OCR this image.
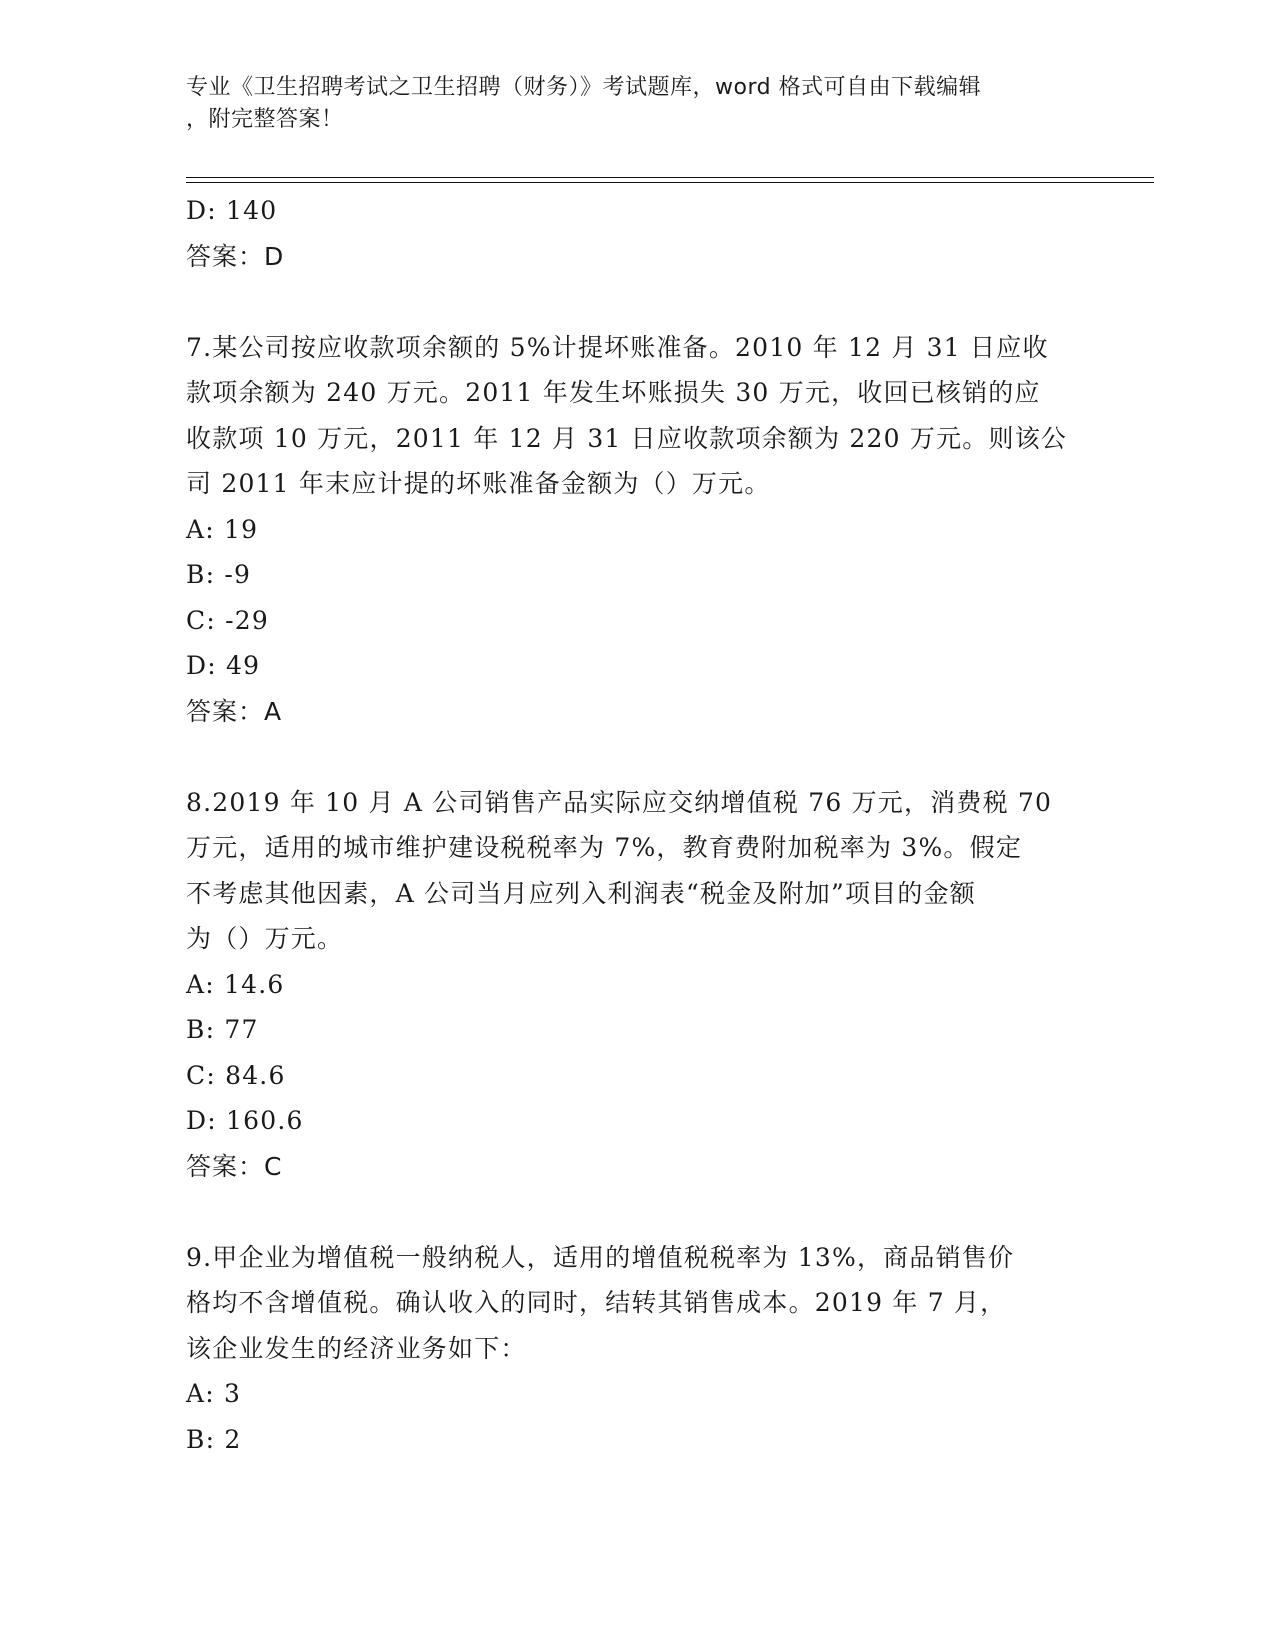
专业《卫生招聘考试之卫生招聘（财务）》考试题库，word 格式可自由下载编辑
，附完整答案！
D: 140
答案：D
7.某公司按应收款项余额的 5%计提坏账准备。2010 年 12 月 31 日应收
款项余额为 240 万元。2011 年发生坏账损失 30 万元，收回已核销的应
收款项 10 万元，2011 年 12 月 31 日应收款项余额为 220 万元。则该公
司 2011 年末应计提的坏账准备金额为（）万元。
A: 19
B: -9
C: -29
D: 49
答案：A
8.2019 年 10 月 A 公司销售产品实际应交纳增值税 76 万元，消费税 70
万元，适用的城市维护建设税税率为 7%，教育费附加税率为 3%。假定
不考虑其他因素，A 公司当月应列入利润表“税金及附加”项目的金额
为（）万元。
A: 14.6
B: 77
C: 84.6
D: 160.6
答案：C
9.甲企业为增值税一般纳税人，适用的增值税税率为 13%，商品销售价
格均不含增值税。确认收入的同时，结转其销售成本。2019 年 7 月，
该企业发生的经济业务如下：
A: 3
B: 2
